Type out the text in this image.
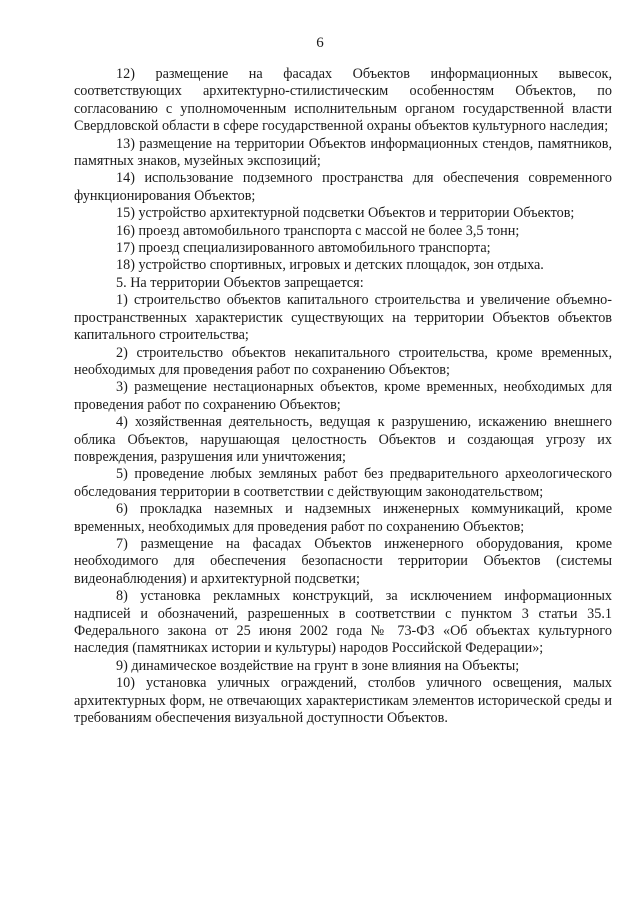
6

12) размещение на фасадах Объектов информационных вывесок, соответствующих архитектурно-стилистическим особенностям Объектов, по согласованию с уполномоченным исполнительным органом государственной власти Свердловской области в сфере государственной охраны объектов культурного наследия;

13) размещение на территории Объектов информационных стендов, памятников, памятных знаков, музейных экспозиций;

14) использование подземного пространства для обеспечения современного функционирования Объектов;

15) устройство архитектурной подсветки Объектов и территории Объектов;

16) проезд автомобильного транспорта с массой не более 3,5 тонн;

17) проезд специализированного автомобильного транспорта;

18) устройство спортивных, игровых и детских площадок, зон отдыха.

5. На территории Объектов запрещается:

1) строительство объектов капитального строительства и увеличение объемно-пространственных характеристик существующих на территории Объектов объектов капитального строительства;

2) строительство объектов некапитального строительства, кроме временных, необходимых для проведения работ по сохранению Объектов;

3) размещение нестационарных объектов, кроме временных, необходимых для проведения работ по сохранению Объектов;

4) хозяйственная деятельность, ведущая к разрушению, искажению внешнего облика Объектов, нарушающая целостность Объектов и создающая угрозу их повреждения, разрушения или уничтожения;

5) проведение любых земляных работ без предварительного археологического обследования территории в соответствии с действующим законодательством;

6) прокладка наземных и надземных инженерных коммуникаций, кроме временных, необходимых для проведения работ по сохранению Объектов;

7) размещение на фасадах Объектов инженерного оборудования, кроме необходимого для обеспечения безопасности территории Объектов (системы видеонаблюдения) и архитектурной подсветки;

8) установка рекламных конструкций, за исключением информационных надписей и обозначений, разрешенных в соответствии с пунктом 3 статьи 35.1 Федерального закона от 25 июня 2002 года № 73-ФЗ «Об объектах культурного наследия (памятниках истории и культуры) народов Российской Федерации»;

9) динамическое воздействие на грунт в зоне влияния на Объекты;

10) установка уличных ограждений, столбов уличного освещения, малых архитектурных форм, не отвечающих характеристикам элементов исторической среды и требованиям обеспечения визуальной доступности Объектов.
